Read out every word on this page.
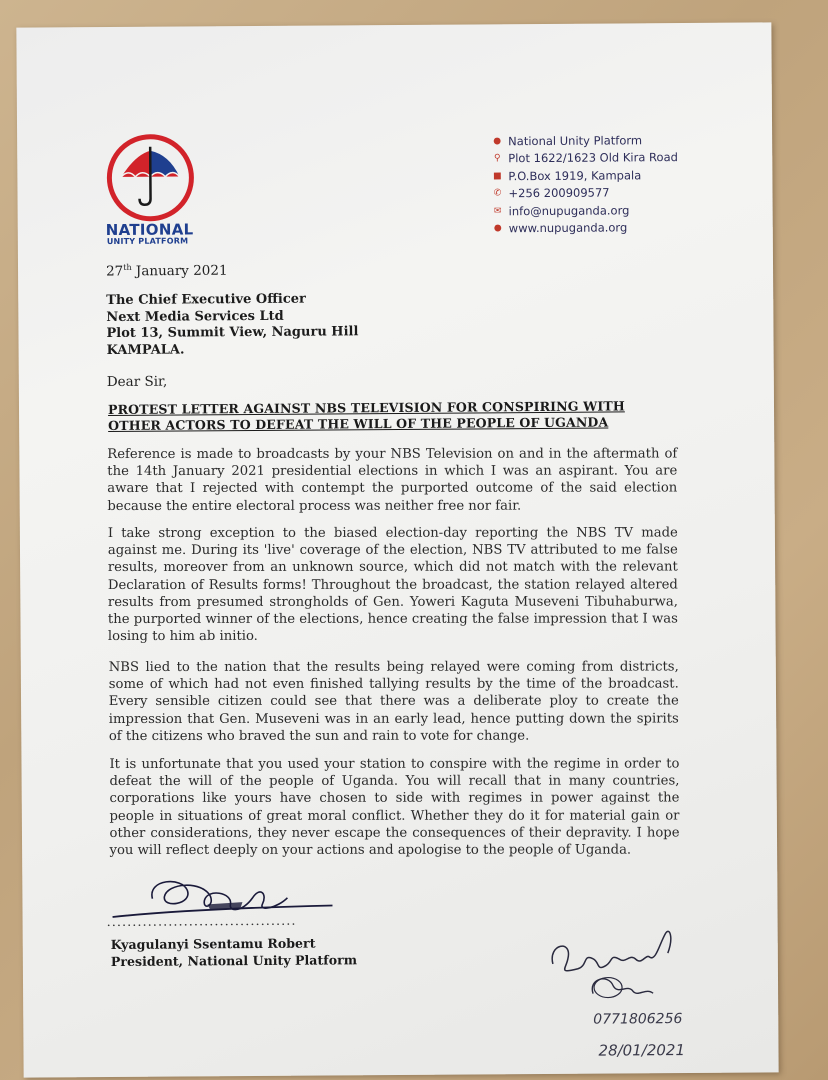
NATIONAL
UNITY PLATFORM
● National Unity Platform
⚲ Plot 1622/1623 Old Kira Road
■ P.O.Box 1919, Kampala
✆ +256 200909577
✉ info@nupuganda.org
● www.nupuganda.org
27th January 2021
The Chief Executive Officer
Next Media Services Ltd
Plot 13, Summit View, Naguru Hill
KAMPALA.
Dear Sir,
PROTEST LETTER AGAINST NBS TELEVISION FOR CONSPIRING WITH
OTHER ACTORS TO DEFEAT THE WILL OF THE PEOPLE OF UGANDA
Reference is made to broadcasts by your NBS Television on and in the aftermath of the 14th January 2021 presidential elections in which I was an aspirant. You are aware that I rejected with contempt the purported outcome of the said election because the entire electoral process was neither free nor fair.
I take strong exception to the biased election-day reporting the NBS TV made against me. During its 'live' coverage of the election, NBS TV attributed to me false results, moreover from an unknown source, which did not match with the relevant Declaration of Results forms! Throughout the broadcast, the station relayed altered results from presumed strongholds of Gen. Yoweri Kaguta Museveni Tibuhaburwa, the purported winner of the elections, hence creating the false impression that I was losing to him ab initio.
NBS lied to the nation that the results being relayed were coming from districts, some of which had not even finished tallying results by the time of the broadcast. Every sensible citizen could see that there was a deliberate ploy to create the impression that Gen. Museveni was in an early lead, hence putting down the spirits of the citizens who braved the sun and rain to vote for change.
It is unfortunate that you used your station to conspire with the regime in order to defeat the will of the people of Uganda. You will recall that in many countries, corporations like yours have chosen to side with regimes in power against the people in situations of great moral conflict. Whether they do it for material gain or other considerations, they never escape the consequences of their depravity. I hope you will reflect deeply on your actions and apologise to the people of Uganda.
.....................................
Kyagulanyi Ssentamu Robert
President, National Unity Platform
0771806256
28/01/2021
